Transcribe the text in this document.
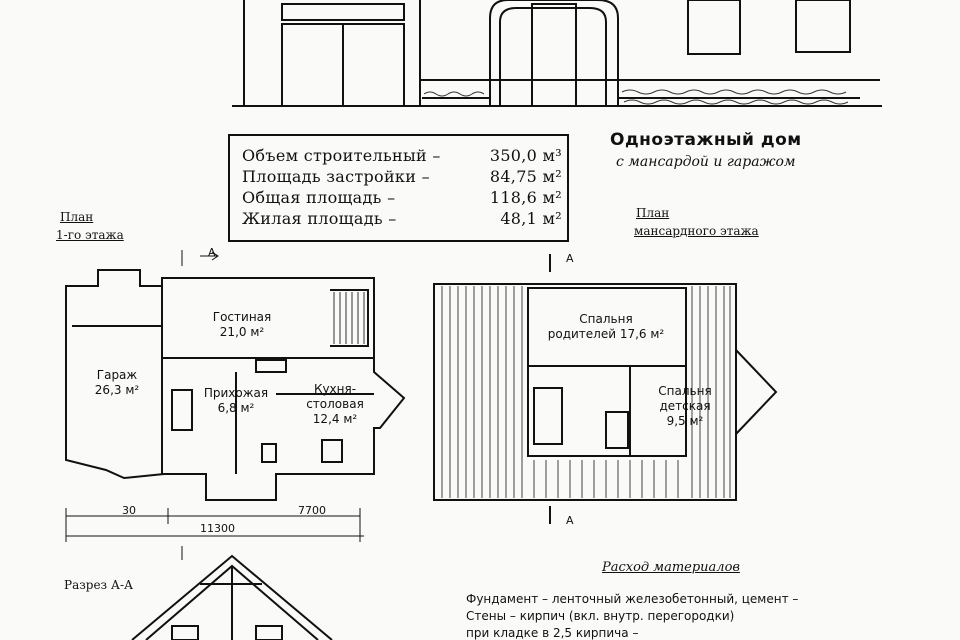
Объем строительный –	350,0 м³
Площадь застройки –	84,75 м²
Общая площадь –	118,6 м²
Жилая площадь –	48,1 м²
Одноэтажный дом
с мансардой и гаражом
План
1-го этажа
А
Гараж
26,3 м²
Гостиная
21,0 м²
Прихожая
6,8 м²
Кухня-
столовая
12,4 м²
7700
11300
30
План
мансардного этажа
А
А
Спальня
родителей 17,6 м²
Спальня
детская
9,5 м²
Разрез А-А
Расход материалов
Фундамент – ленточный железобетонный, цемент –
Стены – кирпич (вкл. внутр. перегородки)
при кладке в 2,5 кирпича –
